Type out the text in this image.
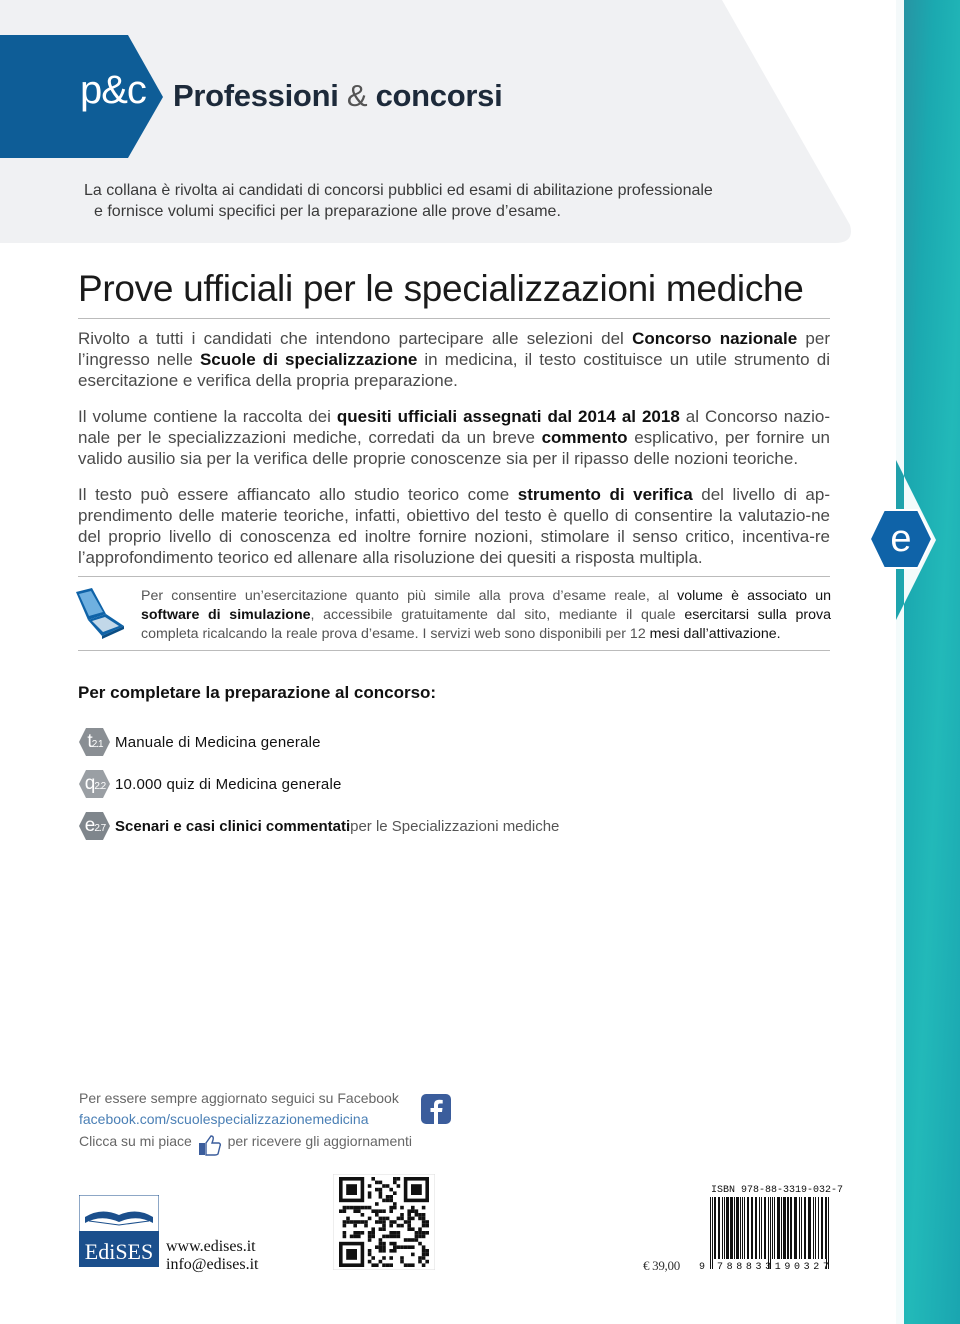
e
p&c Professioni & concorsi
La collana è rivolta ai candidati di concorsi pubblici ed esami di abilitazione professionale
e fornisce volumi specifici per la preparazione alle prove d’esame.
Prove ufficiali per le specializzazioni mediche
Rivolto a tutti i candidati che intendono partecipare alle selezioni del Concorso nazionale per l’ingresso nelle Scuole di specializzazione in medicina, il testo costituisce un utile strumento di esercitazione e verifica della propria preparazione.
Il volume contiene la raccolta dei quesiti ufficiali assegnati dal 2014 al 2018 al Concorso nazio-nale per le specializzazioni mediche, corredati da un breve commento esplicativo, per fornire un valido ausilio sia per la verifica delle proprie conoscenze sia per il ripasso delle nozioni teoriche.
Il testo può essere affiancato allo studio teorico come strumento di verifica del livello di ap-prendimento delle materie teoriche, infatti, obiettivo del testo è quello di consentire la valutazio-ne del proprio livello di conoscenza ed inoltre fornire nozioni, stimolare il senso critico, incentiva-re l’approfondimento teorico ed allenare alla risoluzione dei quesiti a risposta multipla.
Per consentire un’esercitazione quanto più simile alla prova d’esame reale, al volume è associato un software di simulazione, accessibile gratuitamente dal sito, mediante il quale esercitarsi sulla prova completa ricalcando la reale prova d’esame. I servizi web sono disponibili per 12 mesi dall’attivazione.
Per completare la preparazione al concorso:
t2.1 Manuale di Medicina generale
q2.2 10.000 quiz di Medicina generale
e2.7 Scenari e casi clinici commentati per le Specializzazioni mediche
Per essere sempre aggiornato seguici su Facebook
facebook.com/scuolespecializzazionemedicina
Clicca su mi piace	per ricevere gli aggiornamenti
EdiSES www.edises.it
info@edises.it	€ 39,00
ISBN 978-88-3319-032-7
9 7 8 8 8 3 3 1 9 0 3 2 7
